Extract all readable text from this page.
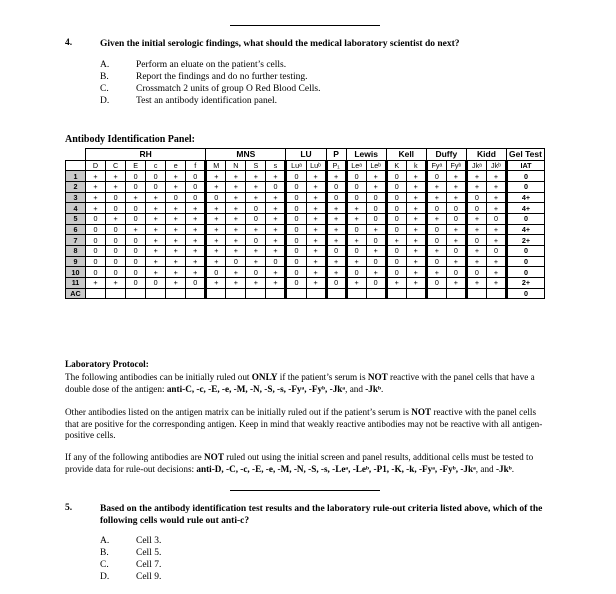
4.	Given the initial serologic findings, what should the medical laboratory scientist do next?
A.	Perform an eluate on the patient’s cells.
B.	Report the findings and do no further testing.
C.	Crossmatch 2 units of group O Red Blood Cells.
D.	Test an antibody identification panel.
Antibody Identification Panel:
	RH						MNS				LU		P	Lewis		Kell		Duffy		Kidd		Gel Test
	D	C	E	c	e	f	M	N	S	s	Luᵃ	Luᵇ	P₁	Leᵃ	Leᵇ	K	k	Fyᵃ	Fyᵇ	Jkᵃ	Jkᵇ	IAT
1	+	+	0	0	+	0	+	+	+	+	0	+	+	0	+	0	+	0	+	+	+	0
2	+	+	0	0	+	0	+	+	+	0	0	+	0	0	+	0	+	+	+	+	+	0
3	+	0	+	+	0	0	0	+	+	+	0	+	0	0	0	0	+	+	+	0	+	4+
4	+	0	0	+	+	+	+	+	0	+	0	+	+	+	0	0	+	0	0	0	+	4+
5	0	+	0	+	+	+	+	+	0	+	0	+	+	+	0	0	+	+	0	+	0	0
6	0	0	+	+	+	+	+	+	+	+	0	+	+	0	+	0	+	0	+	+	+	4+
7	0	0	0	+	+	+	+	+	0	+	0	+	+	+	0	+	+	0	+	0	+	2+
8	0	0	0	+	+	+	+	+	+	+	0	+	0	0	+	0	+	+	0	+	0	0
9	0	0	0	+	+	+	+	0	+	0	0	+	+	+	0	0	+	0	+	+	+	0
10	0	0	0	+	+	+	0	+	0	+	0	+	+	0	+	0	+	+	0	0	+	0
11	+	+	0	0	+	0	+	+	+	+	0	+	0	+	0	+	+	0	+	+	+	2+
AC																						0
Laboratory Protocol:
The following antibodies can be initially ruled out ONLY if the patient’s serum is NOT reactive with the panel cells that have a double dose of the antigen: anti-C, -c, -E, -e, -M, -N, -S, -s, -Fyᵃ, -Fyᵇ, -Jkᵃ, and -Jkᵇ.
Other antibodies listed on the antigen matrix can be initially ruled out if the patient’s serum is NOT reactive with the panel cells that are positive for the corresponding antigen. Keep in mind that weakly reactive antibodies may not be reactive with all antigen-positive cells.
If any of the following antibodies are NOT ruled out using the initial screen and panel results, additional cells must be tested to provide data for rule-out decisions: anti-D, -C, -c, -E, -e, -M, -N, -S, -s, -Leᵃ, -Leᵇ, -P1, -K, -k, -Fyᵃ, -Fyᵇ, -Jkᵃ, and -Jkᵇ.
5.	Based on the antibody identification test results and the laboratory rule-out criteria listed above, which of the following cells would rule out anti-c?
A.	Cell 3.
B.	Cell 5.
C.	Cell 7.
D.	Cell 9.
